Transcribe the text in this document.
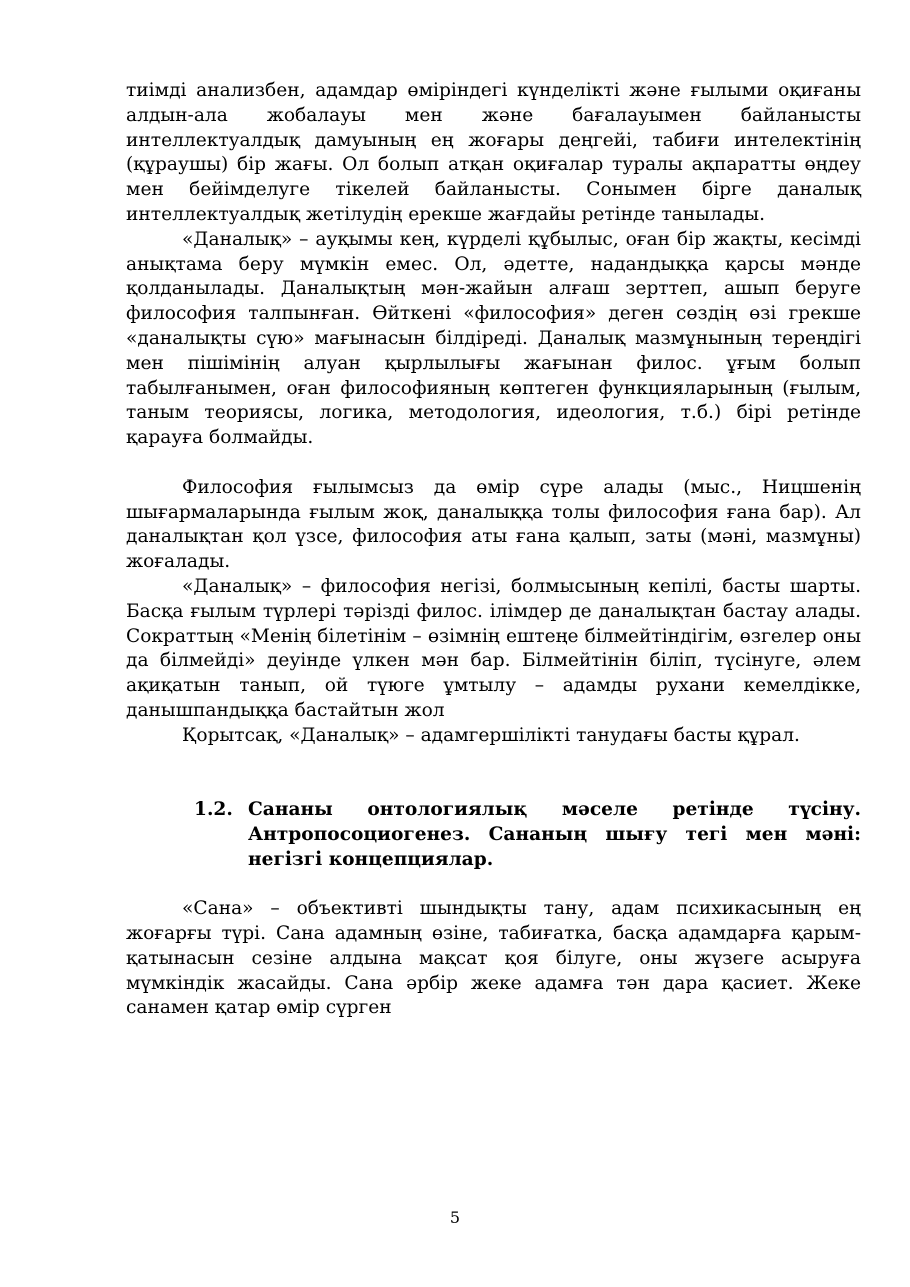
тиімді анализбен, адамдар өміріндегі күнделікті және ғылыми оқиғаны алдын-ала жобалауы мен және бағалауымен байланысты интеллектуалдық дамуының ең жоғары деңгейі, табиғи интелектінің (құраушы) бір жағы. Ол болып атқан оқиғалар туралы ақпаратты өңдеу мен бейімделуге тікелей байланысты. Сонымен бірге даналық интеллектуалдық жетілудің ерекше жағдайы ретінде танылады.

«Даналық» – ауқымы кең, күрделі құбылыс, оған бір жақты, кесімді анықтама беру мүмкін емес. Ол, әдетте, надандыққа қарсы мәнде қолданылады. Даналықтың мән-жайын алғаш зерттеп, ашып беруге философия талпынған. Өйткені «философия» деген сөздің өзі грекше «даналықты сүю» мағынасын білдіреді. Даналық мазмұнының тереңдігі мен пішімінің алуан қырлылығы жағынан филос. ұғым болып табылғанымен, оған философияның көптеген функцияларының (ғылым, таным теориясы, логика, методология, идеология, т.б.) бірі ретінде қарауға болмайды.

Философия ғылымсыз да өмір сүре алады (мыс., Ницшенің шығармаларында ғылым жоқ, даналыққа толы философия ғана бар). Ал даналықтан қол үзсе, философия аты ғана қалып, заты (мәні, мазмұны) жоғалады.

«Даналық» – философия негізі, болмысының кепілі, басты шарты. Басқа ғылым түрлері тәрізді филос. ілімдер де даналықтан бастау алады. Сократтың «Менің білетінім – өзімнің ештеңе білмейтіндігім, өзгелер оны да білмейді» деуінде үлкен мән бар. Білмейтінін біліп, түсінуге, әлем ақиқатын танып, ой түюге ұмтылу – адамды рухани кемелдікке, данышпандыққа бастайтын жол

Қорытсақ, «Даналық» – адамгершілікті танудағы басты құрал.

1.2. Сананы онтологиялық мәселе ретінде түсіну. Антропосоциогенез. Сананың шығу тегі мен мәні: негізгі концепциялар.

«Сана» – объективті шындықты тану, адам психикасының ең жоғарғы түрі. Сана адамның өзіне, табиғатка, басқа адамдарға қарым-қатынасын сезіне алдына мақсат қоя білуге, оны жүзеге асыруға мүмкіндік жасайды. Сана әрбір жеке адамға тән дара қасиет. Жеке санамен қатар өмір сүрген

5
